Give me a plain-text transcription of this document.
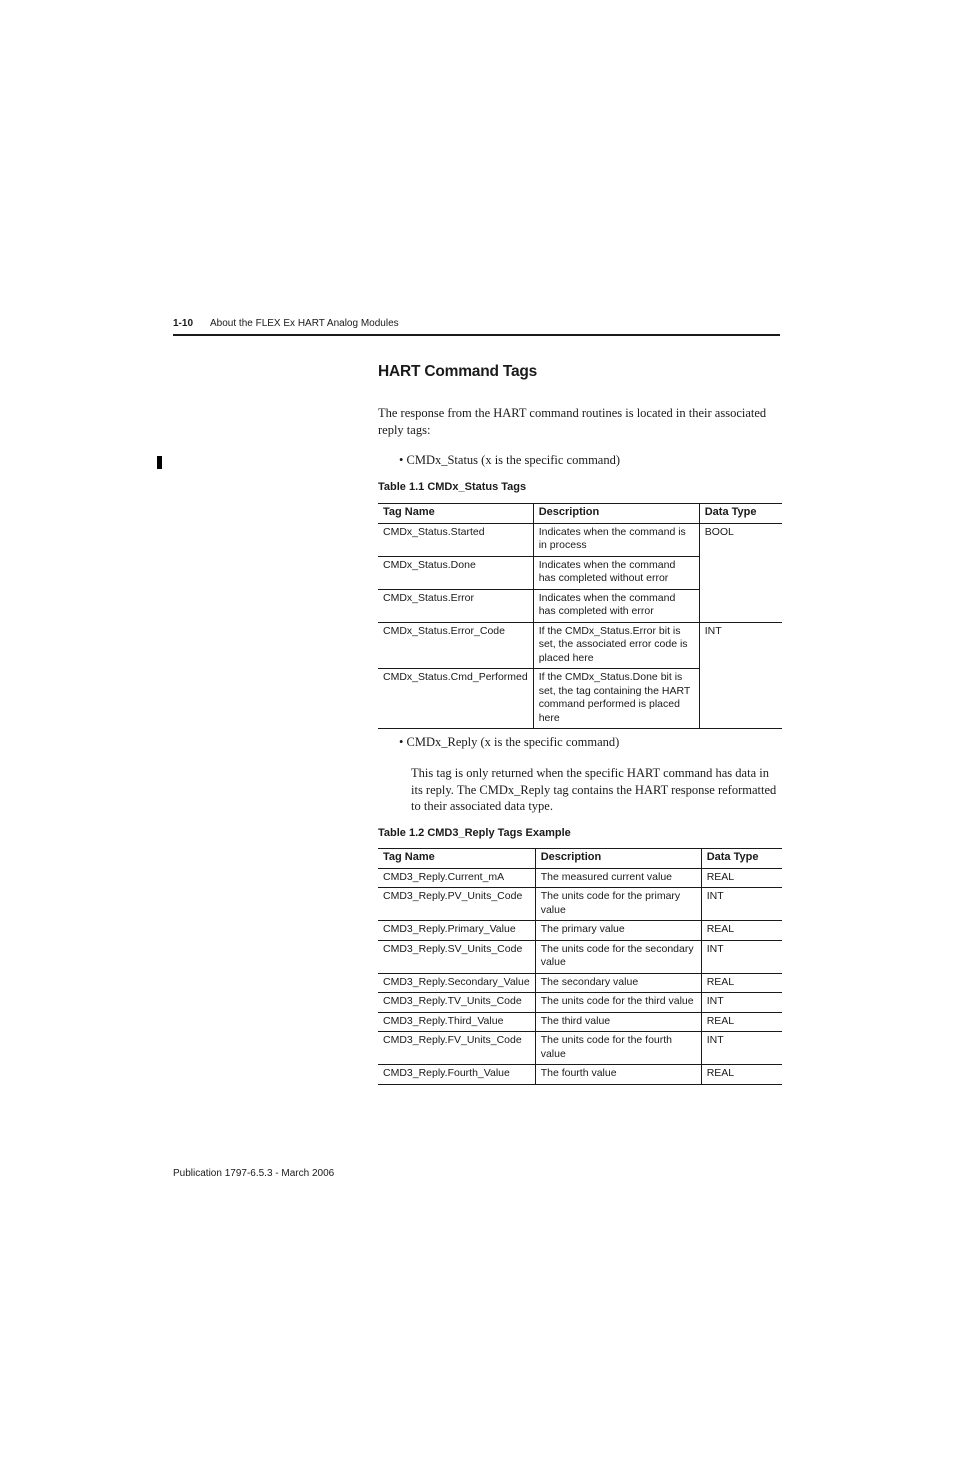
1-10 About the FLEX Ex HART Analog Modules
HART Command Tags
The response from the HART command routines is located in their associated reply tags:
• CMDx_Status (x is the specific command)
Table 1.1 CMDx_Status Tags
Tag Name	Description	Data Type
CMDx_Status.Started	Indicates when the command is in process	BOOL
CMDx_Status.Done	Indicates when the command has completed without error	
CMDx_Status.Error	Indicates when the command has completed with error	
CMDx_Status.Error_Code	If the CMDx_Status.Error bit is set, the associated error code is placed here	INT
CMDx_Status.Cmd_Performed	If the CMDx_Status.Done bit is set, the tag containing the HART command performed is placed here	
• CMDx_Reply (x is the specific command)
This tag is only returned when the specific HART command has data in its reply. The CMDx_Reply tag contains the HART response reformatted to their associated data type.
Table 1.2 CMD3_Reply Tags Example
Tag Name	Description	Data Type
CMD3_Reply.Current_mA	The measured current value	REAL
CMD3_Reply.PV_Units_Code	The units code for the primary value	INT
CMD3_Reply.Primary_Value	The primary value	REAL
CMD3_Reply.SV_Units_Code	The units code for the secondary value	INT
CMD3_Reply.Secondary_Value	The secondary value	REAL
CMD3_Reply.TV_Units_Code	The units code for the third value	INT
CMD3_Reply.Third_Value	The third value	REAL
CMD3_Reply.FV_Units_Code	The units code for the fourth value	INT
CMD3_Reply.Fourth_Value	The fourth value	REAL
Publication 1797-6.5.3 - March 2006
